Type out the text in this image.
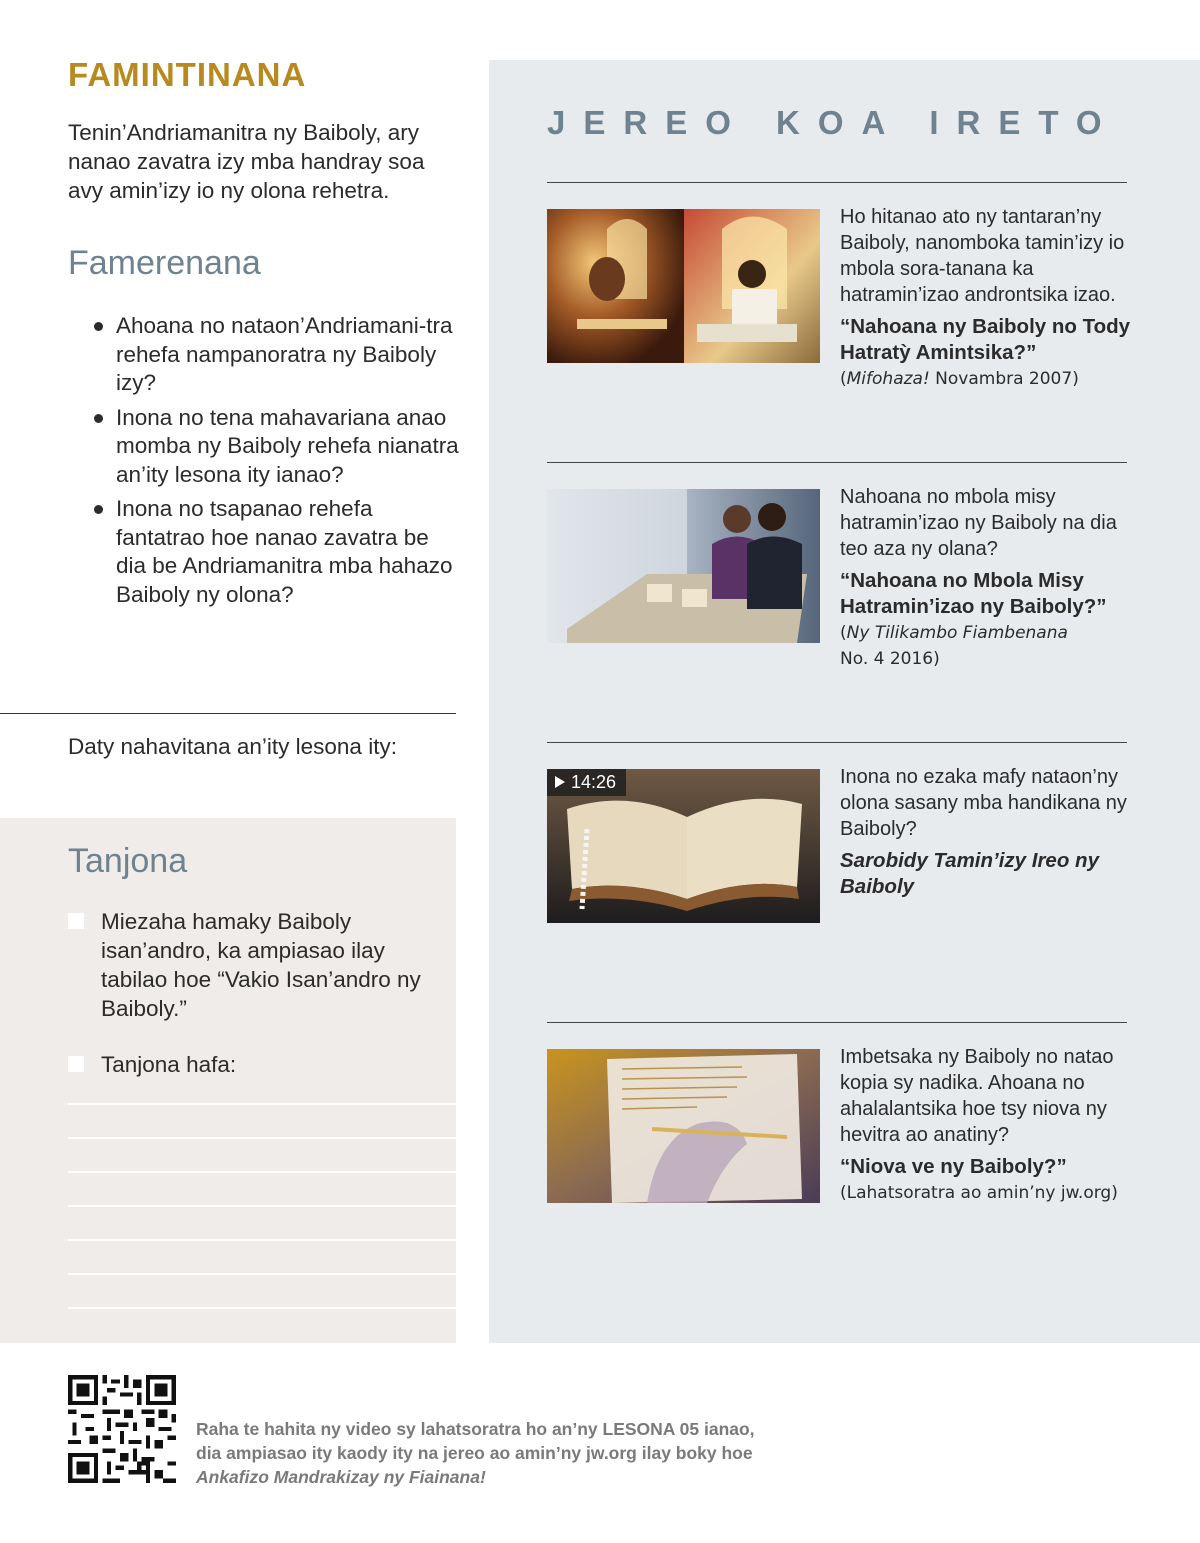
FAMINTINANA

Tenin’Andriamanitra ny Baiboly, ary nanao zavatra izy mba handray soa avy amin’izy io ny olona rehetra.

Famerenana
Ahoana no nataon’Andriamani-tra rehefa nampanoratra ny Baiboly izy?
Inona no tena mahavariana anao momba ny Baiboly rehefa nianatra an’ity lesona ity ianao?
Inona no tsapanao rehefa fantatrao hoe nanao zavatra be dia be Andriamanitra mba hahazo Baiboly ny olona?

Daty nahavitana an’ity lesona ity:

Tanjona
Miezaha hamaky Baiboly isan’andro, ka ampiasao ilay tabilao hoe “Vakio Isan’andro ny Baiboly.”
Tanjona hafa:
JEREO KOA IRETO
Ho hitanao ato ny tantaran’ny Baiboly, nanomboka tamin’izy io mbola sora-tanana ka hatramin’izao androntsika izao.
“Nahoana ny Baiboly no Tody Hatratỳ Amintsika?”
(Mifohaza! Novambra 2007)
Nahoana no mbola misy hatramin’izao ny Baiboly na dia teo aza ny olana?
“Nahoana no Mbola Misy Hatramin’izao ny Baiboly?”
(Ny Tilikambo Fiambenana
No. 4 2016)
14:26	Inona no ezaka mafy nataon’ny olona sasany mba handikana ny Baiboly?
Sarobidy Tamin’izy Ireo ny Baiboly
Imbetsaka ny Baiboly no natao kopia sy nadika. Ahoana no ahalalantsika hoe tsy niova ny hevitra ao anatiny?
“Niova ve ny Baiboly?”
(Lahatsoratra ao amin’ny jw.org)

Raha te hahita ny video sy lahatsoratra ho an’ny LESONA 05 ianao, dia ampiasao ity kaody ity na jereo ao amin’ny jw.org ilay boky hoe Ankafizo Mandrakizay ny Fiainana!
